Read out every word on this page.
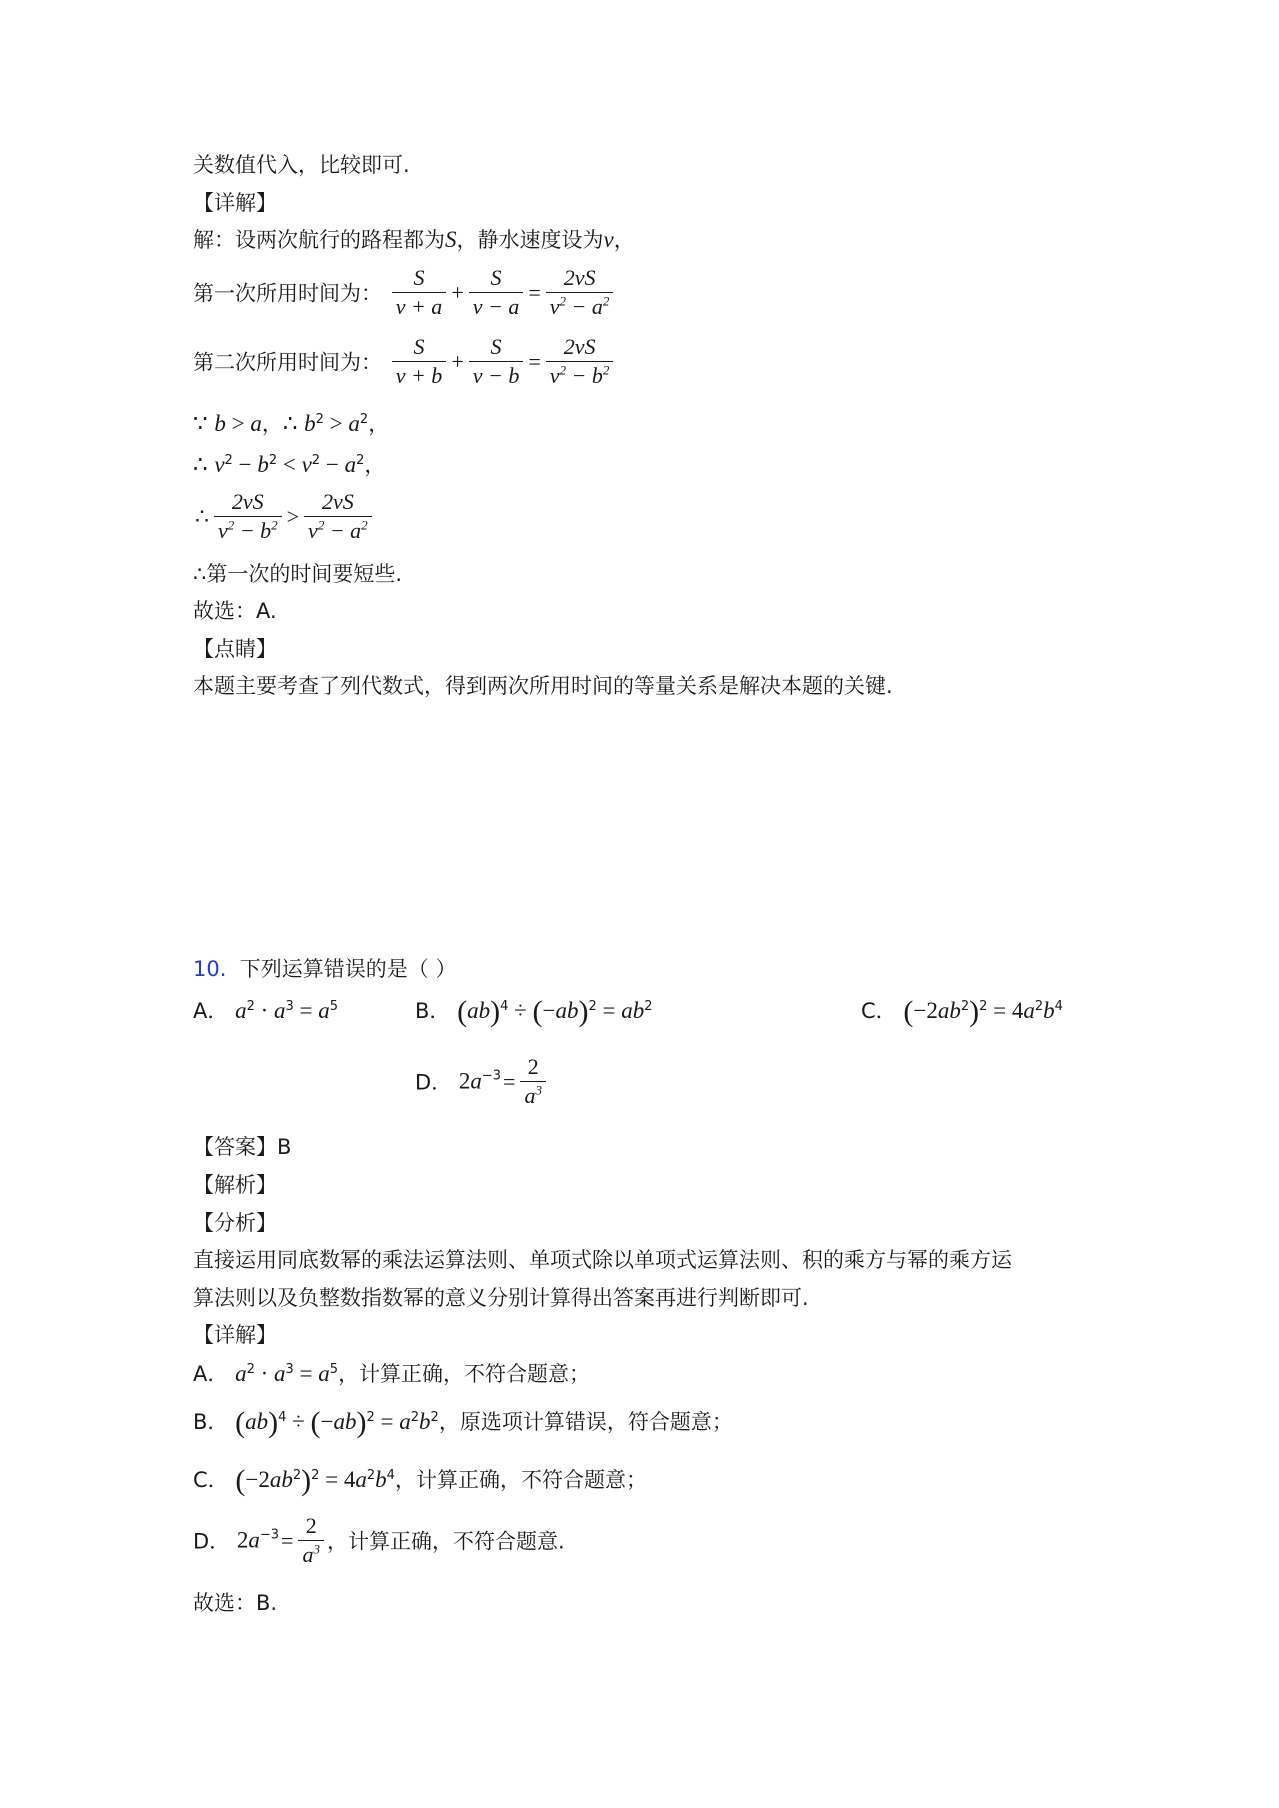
关数值代入，比较即可.
【详解】
解：设两次航行的路程都为S，静水速度设为v，
第一次所用时间为： $\frac{S}{v + a} + \frac{S}{v - a} = \frac{2vS}{v^2 - a^2}$
第二次所用时间为： $\frac{S}{v + b} + \frac{S}{v - b} = \frac{2vS}{v^2 - b^2}$
∵ b > a，∴ $b^2 > a^2$，
∴ $v^2 - b^2 < v^2 - a^2$，
∴ $\frac{2vS}{v^2 - b^2} > \frac{2vS}{v^2 - a^2}$
∴第一次的时间要短些.
故选：A.
【点睛】
本题主要考查了列代数式，得到两次所用时间的等量关系是解决本题的关键.
10. 下列运算错误的是（ ）
A． $a^2 \cdot a^3 = a^5$	B． $(ab)^4 \div (-ab)^2 = ab^2$	C． $(-2ab^2)^2 = 4a^2b^4$
D． $2a^{-3}= \frac{2}{a^3}$
【答案】B
【解析】
【分析】
直接运用同底数幂的乘法运算法则、单项式除以单项式运算法则、积的乘方与幂的乘方运
算法则以及负整数指数幂的意义分别计算得出答案再进行判断即可.
【详解】
A． $a^2 \cdot a^3 = a^5$，计算正确，不符合题意；
B． $(ab)^4 \div (-ab)^2 = a^2b^2$，原选项计算错误，符合题意；
C． $(-2ab^2)^2 = 4a^2b^4$，计算正确，不符合题意；
D． $2a^{-3}= \frac{2}{a^3}$ ，计算正确，不符合题意.
故选：B.
